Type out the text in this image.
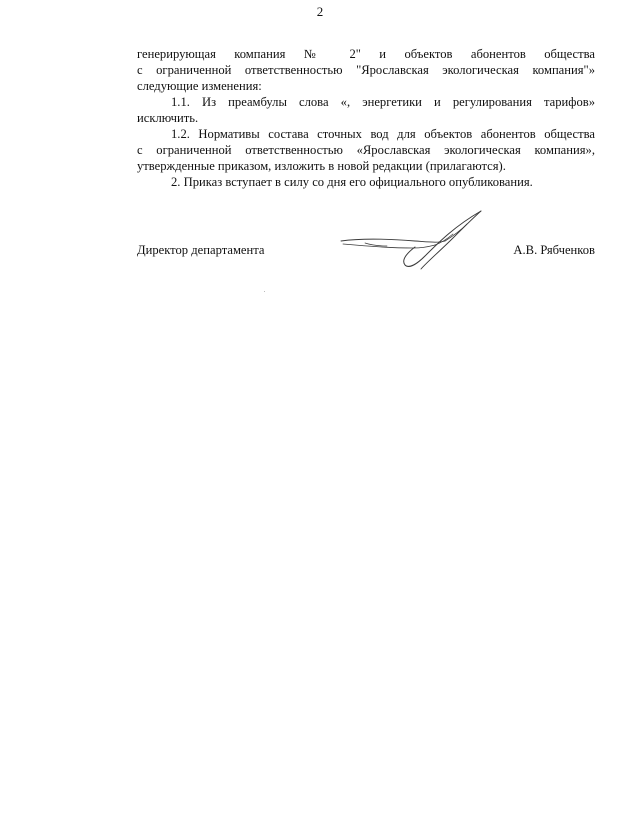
2

генерирующая компания № 2" и объектов абонентов общества

с ограниченной ответственностью "Ярославская экологическая компания"»

следующие изменения:

1.1. Из преамбулы слова «, энергетики и регулирования тарифов»

исключить.

1.2. Нормативы состава сточных вод для объектов абонентов общества

с ограниченной ответственностью «Ярославская экологическая компания»,

утвержденные приказом, изложить в новой редакции (прилагаются).

2. Приказ вступает в силу со дня его официального опубликования.

Директор департамента	А.В. Рябченков
